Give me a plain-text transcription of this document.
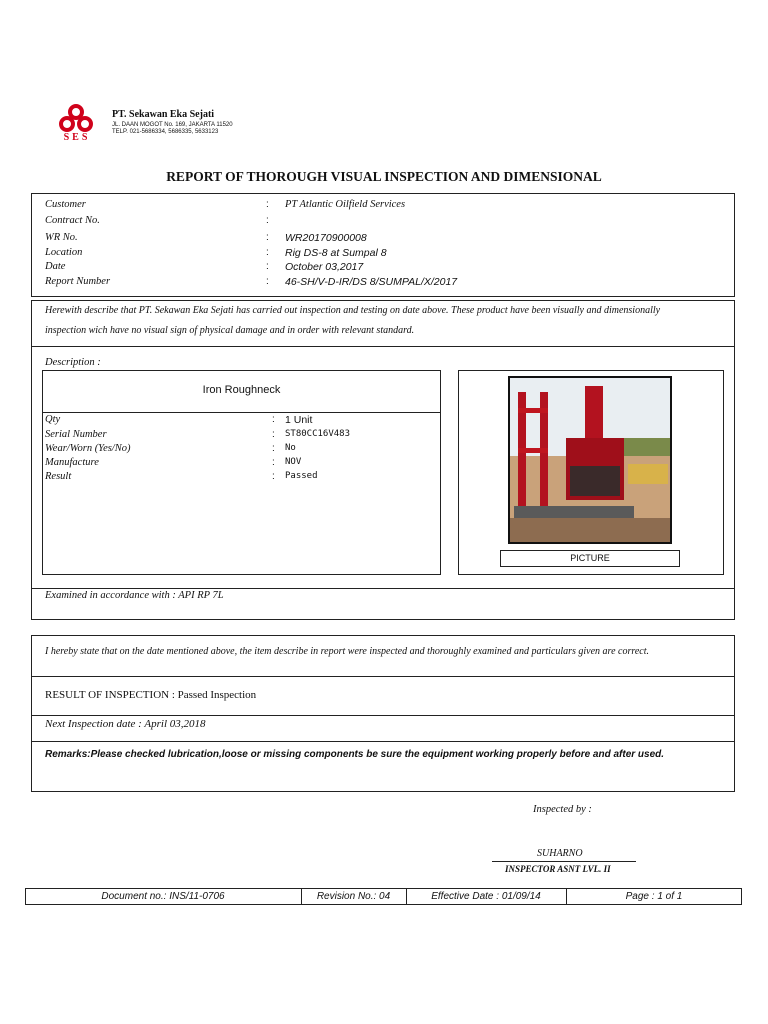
SES
PT. Sekawan Eka Sejati
JL. DAAN MOGOT No. 169, JAKARTA 11520
TELP. 021-5686334, 5686335, 5633123
REPORT OF THOROUGH VISUAL INSPECTION AND DIMENSIONAL
Customer	: PT Atlantic Oilfield Services
Contract No.	:
WR No.	: WR20170900008
Location	: Rig DS-8 at Sumpal 8
Date	: October 03,2017
Report Number	: 46-SH/V-D-IR/DS 8/SUMPAL/X/2017
Herewith describe that PT. Sekawan Eka Sejati has carried out inspection and testing on date above. These product have been visually and dimensionally
inspection wich have no visual sign of physical damage and in order with relevant standard.
Description :
Iron Roughneck
Qty	: 1 Unit
Serial Number	: ST80CC16V483
Wear/Worn (Yes/No)	: No
Manufacture	: NOV
Result	: Passed
PICTURE
Examined in accordance with : API RP 7L
I hereby state that on the date mentioned above, the item describe in report were inspected and thoroughly examined and particulars given are correct.
RESULT OF INSPECTION : Passed Inspection
Next Inspection date : April 03,2018
Remarks:Please checked lubrication,loose or missing components be sure the equipment working properly before and after used.
Inspected by :
SUHARNO
INSPECTOR ASNT LVL. II
Document no.: INS/11-0706	Revision No.: 04	Effective Date : 01/09/14	Page : 1 of 1
